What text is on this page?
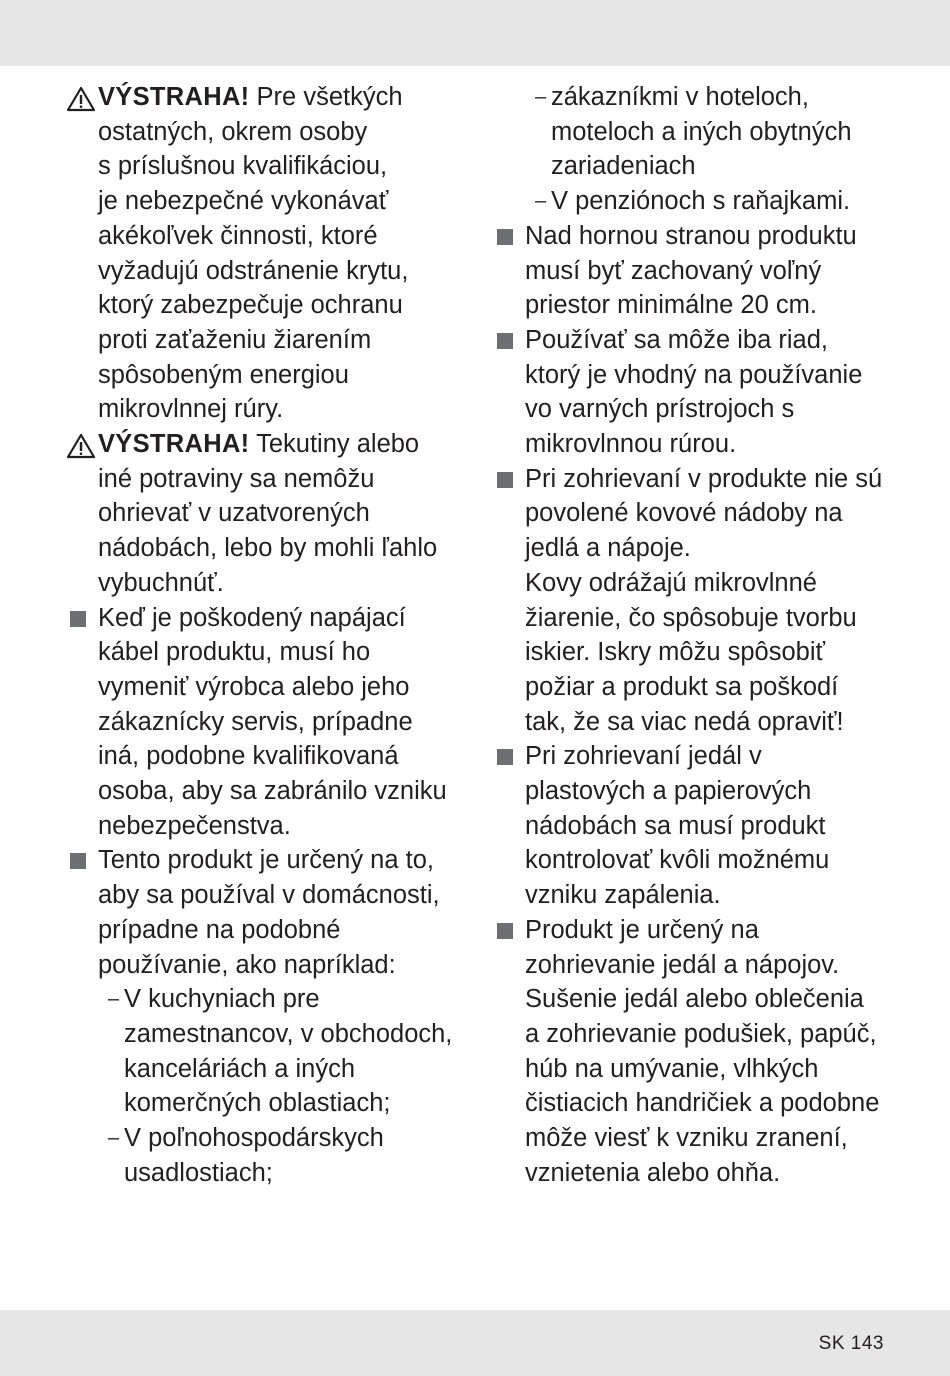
VÝSTRAHA! Pre všetkých
ostatných, okrem osoby
s príslušnou kvalifikáciou,
je nebezpečné vykonávať
akékoľvek činnosti, ktoré
vyžadujú odstránenie krytu,
ktorý zabezpečuje ochranu
proti zaťaženiu žiarením
spôsobeným energiou
mikrovlnnej rúry.
VÝSTRAHA! Tekutiny alebo
iné potraviny sa nemôžu
ohrievať v uzatvorených
nádobách, lebo by mohli ľahlo
vybuchnúť.
Keď je poškodený napájací
kábel produktu, musí ho
vymeniť výrobca alebo jeho
zákaznícky servis, prípadne
iná, podobne kvalifikovaná
osoba, aby sa zabránilo vzniku
nebezpečenstva.
Tento produkt je určený na to,
aby sa používal v domácnosti,
prípadne na podobné
používanie, ako napríklad:
– V kuchyniach pre
zamestnancov, v obchodoch,
kanceláriách a iných
komerčných oblastiach;
– V poľnohospodárskych
usadlostiach;
– zákazníkmi v hoteloch,
moteloch a iných obytných
zariadeniach
– V penziónoch s raňajkami.
Nad hornou stranou produktu
musí byť zachovaný voľný
priestor minimálne 20 cm.
Používať sa môže iba riad,
ktorý je vhodný na používanie
vo varných prístrojoch s
mikrovlnnou rúrou.
Pri zohrievaní v produkte nie sú
povolené kovové nádoby na
jedlá a nápoje.
Kovy odrážajú mikrovlnné
žiarenie, čo spôsobuje tvorbu
iskier. Iskry môžu spôsobiť
požiar a produkt sa poškodí
tak, že sa viac nedá opraviť!
Pri zohrievaní jedál v
plastových a papierových
nádobách sa musí produkt
kontrolovať kvôli možnému
vzniku zapálenia.
Produkt je určený na
zohrievanie jedál a nápojov.
Sušenie jedál alebo oblečenia
a zohrievanie podušiek, papúč,
húb na umývanie, vlhkých
čistiacich handričiek a podobne
môže viesť k vzniku zranení,
vznietenia alebo ohňa.
SK 143
